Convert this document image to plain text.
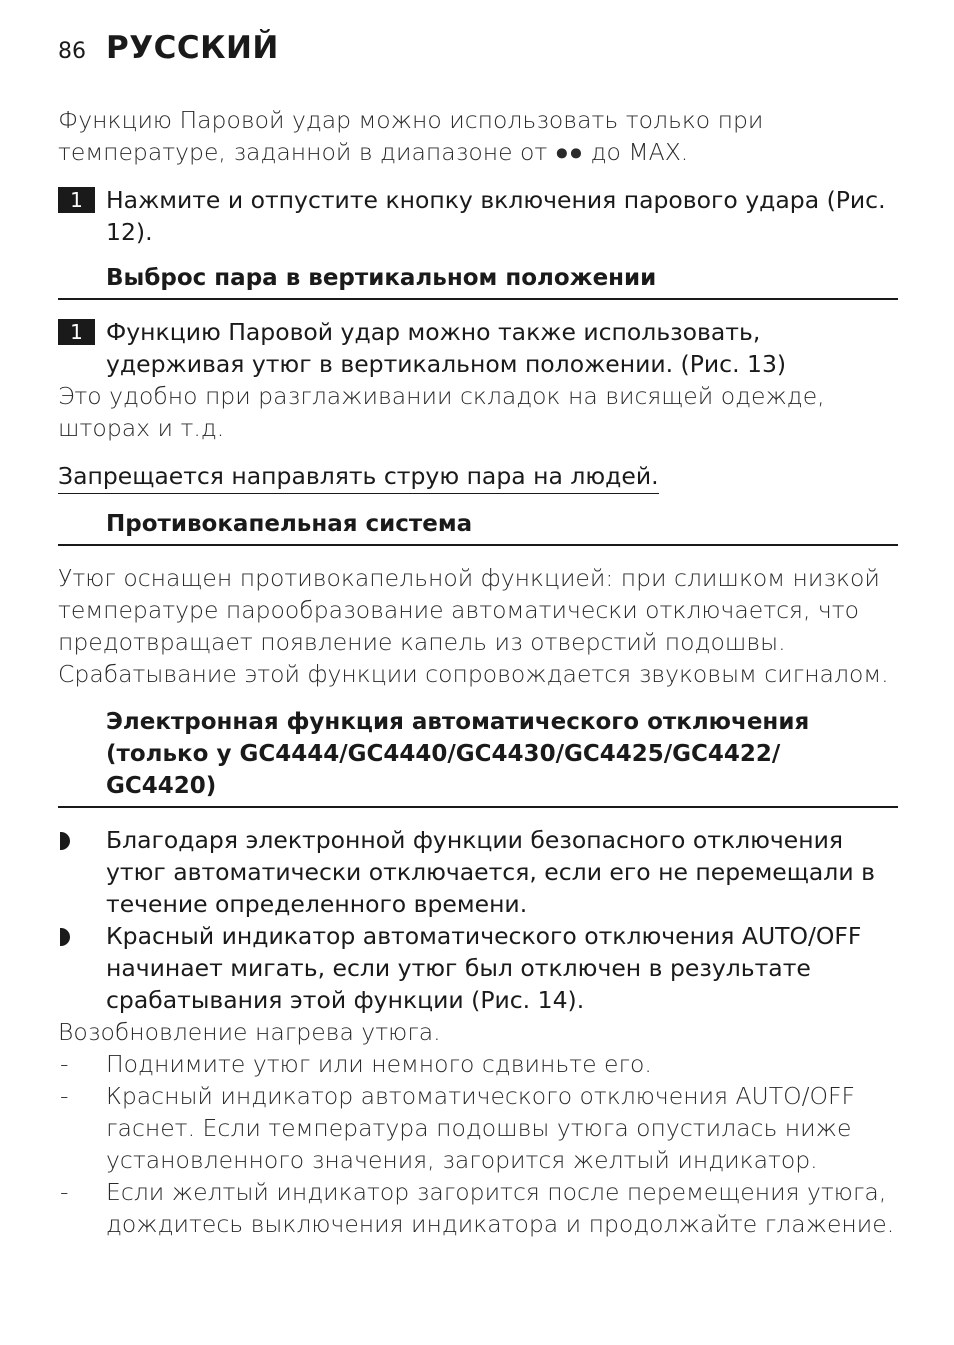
86 РУССКИЙ

Функцию Паровой удар можно использовать только при температуре, заданной в диапазоне от ●● до MAX.

1 Нажмите и отпустите кнопку включения парового удара (Рис. 12).
Выброс пара в вертикальном положении
1 Функцию Паровой удар можно также использовать, удерживая утюг в вертикальном положении. (Рис. 13)

Это удобно при разглаживании складок на висящей одежде, шторах и т.д.

Запрещается направлять струю пара на людей.
Противокапельная система

Утюг оснащен противокапельной функцией: при слишком низкой температуре парообразование автоматически отключается, что предотвращает появление капель из отверстий подошвы. Срабатывание этой функции сопровождается звуковым сигналом.

Электронная функция автоматического отключения (только у GC4444/GC4440/GC4430/GC4425/GC4422/ GC4420)
Благодаря электронной функции безопасного отключения утюг автоматически отключается, если его не перемещали в течение определенного времени.
Красный индикатор автоматического отключения AUTO/OFF начинает мигать, если утюг был отключен в результате срабатывания этой функции (Рис. 14).

Возобновление нагрева утюга.

- Поднимите утюг или немного сдвиньте его.
- Красный индикатор автоматического отключения AUTO/OFF гаснет. Если температура подошвы утюга опустилась ниже установленного значения, загорится желтый индикатор.
- Если желтый индикатор загорится после перемещения утюга, дождитесь выключения индикатора и продолжайте глажение.
